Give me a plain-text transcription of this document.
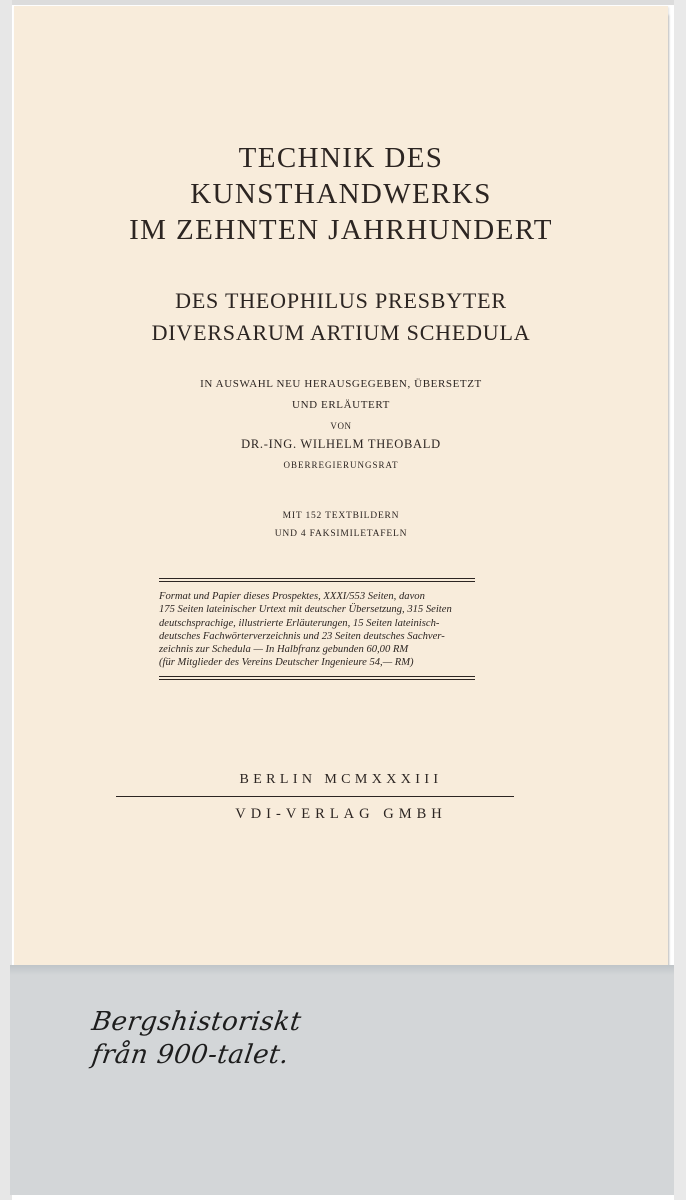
TECHNIK DES
KUNSTHANDWERKS
IM ZEHNTEN JAHRHUNDERT
DES THEOPHILUS PRESBYTER
DIVERSARUM ARTIUM SCHEDULA
IN AUSWAHL NEU HERAUSGEGEBEN, ÜBERSETZT
UND ERLÄUTERT
VON
DR.-ING. WILHELM THEOBALD
OBERREGIERUNGSRAT
MIT 152 TEXTBILDERN
UND 4 FAKSIMILETAFELN
Format und Papier dieses Prospektes, XXXI/553 Seiten, davon
175 Seiten lateinischer Urtext mit deutscher Übersetzung, 315 Seiten
deutschsprachige, illustrierte Erläuterungen, 15 Seiten lateinisch-
deutsches Fachwörterverzeichnis und 23 Seiten deutsches Sachver-
zeichnis zur Schedula — In Halbfranz gebunden 60,00 RM
(für Mitglieder des Vereins Deutscher Ingenieure 54,— RM)
BERLIN MCMXXXIII
VDI-VERLAG GMBH
Bergshistoriskt
från 900-talet.
